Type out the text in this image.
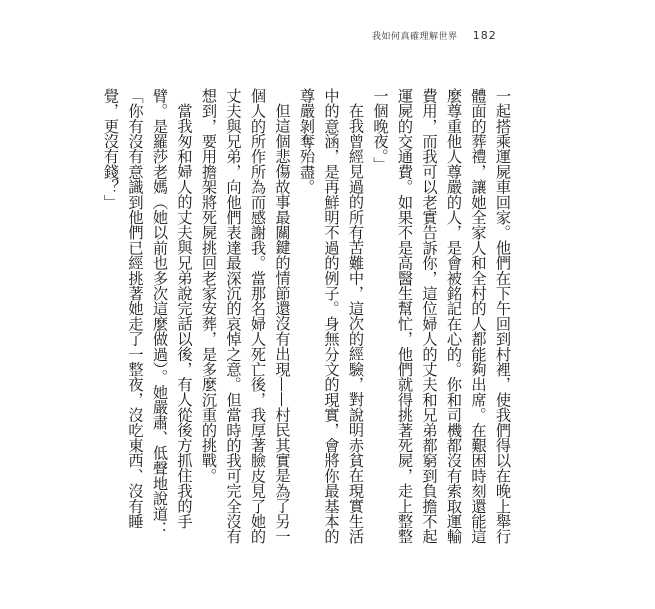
我如何真確理解世界 182

一起搭乘運屍車回家。他們在下午回到村裡，使我們得以在晚上舉行體面的葬禮，讓她全家人和全村的人都能夠出席。在艱困時刻還能這麼尊重他人尊嚴的人，是會被銘記在心的。你和司機都沒有索取運輸費用，而我可以老實告訴你，這位婦人的丈夫和兄弟都窮到負擔不起運屍的交通費。如果不是高醫生幫忙，他們就得挑著死屍，走上整整一個晚夜。」

在我曾經見過的所有苦難中，這次的經驗，對說明赤貧在現實生活中的意涵，是再鮮明不過的例子。身無分文的現實，會將你最基本的尊嚴剝奪殆盡。

但這個悲傷故事最關鍵的情節還沒有出現——村民其實是為了另一個人的所作所為而感謝我。當那名婦人死亡後，我厚著臉皮見了她的丈夫與兄弟，向他們表達最深沉的哀悼之意。但當時的我可完全沒有想到，要用擔架將死屍挑回老家安葬，是多麼沉重的挑戰。

當我匆和婦人的丈夫與兄弟說完話以後，有人從後方抓住我的手臂。是羅莎老媽（她以前也多次這麼做過）。她嚴肅、低聲地說道：

「你有沒有意識到他們已經挑著她走了一整夜，沒吃東西、沒有睡覺，更沒有錢？」
